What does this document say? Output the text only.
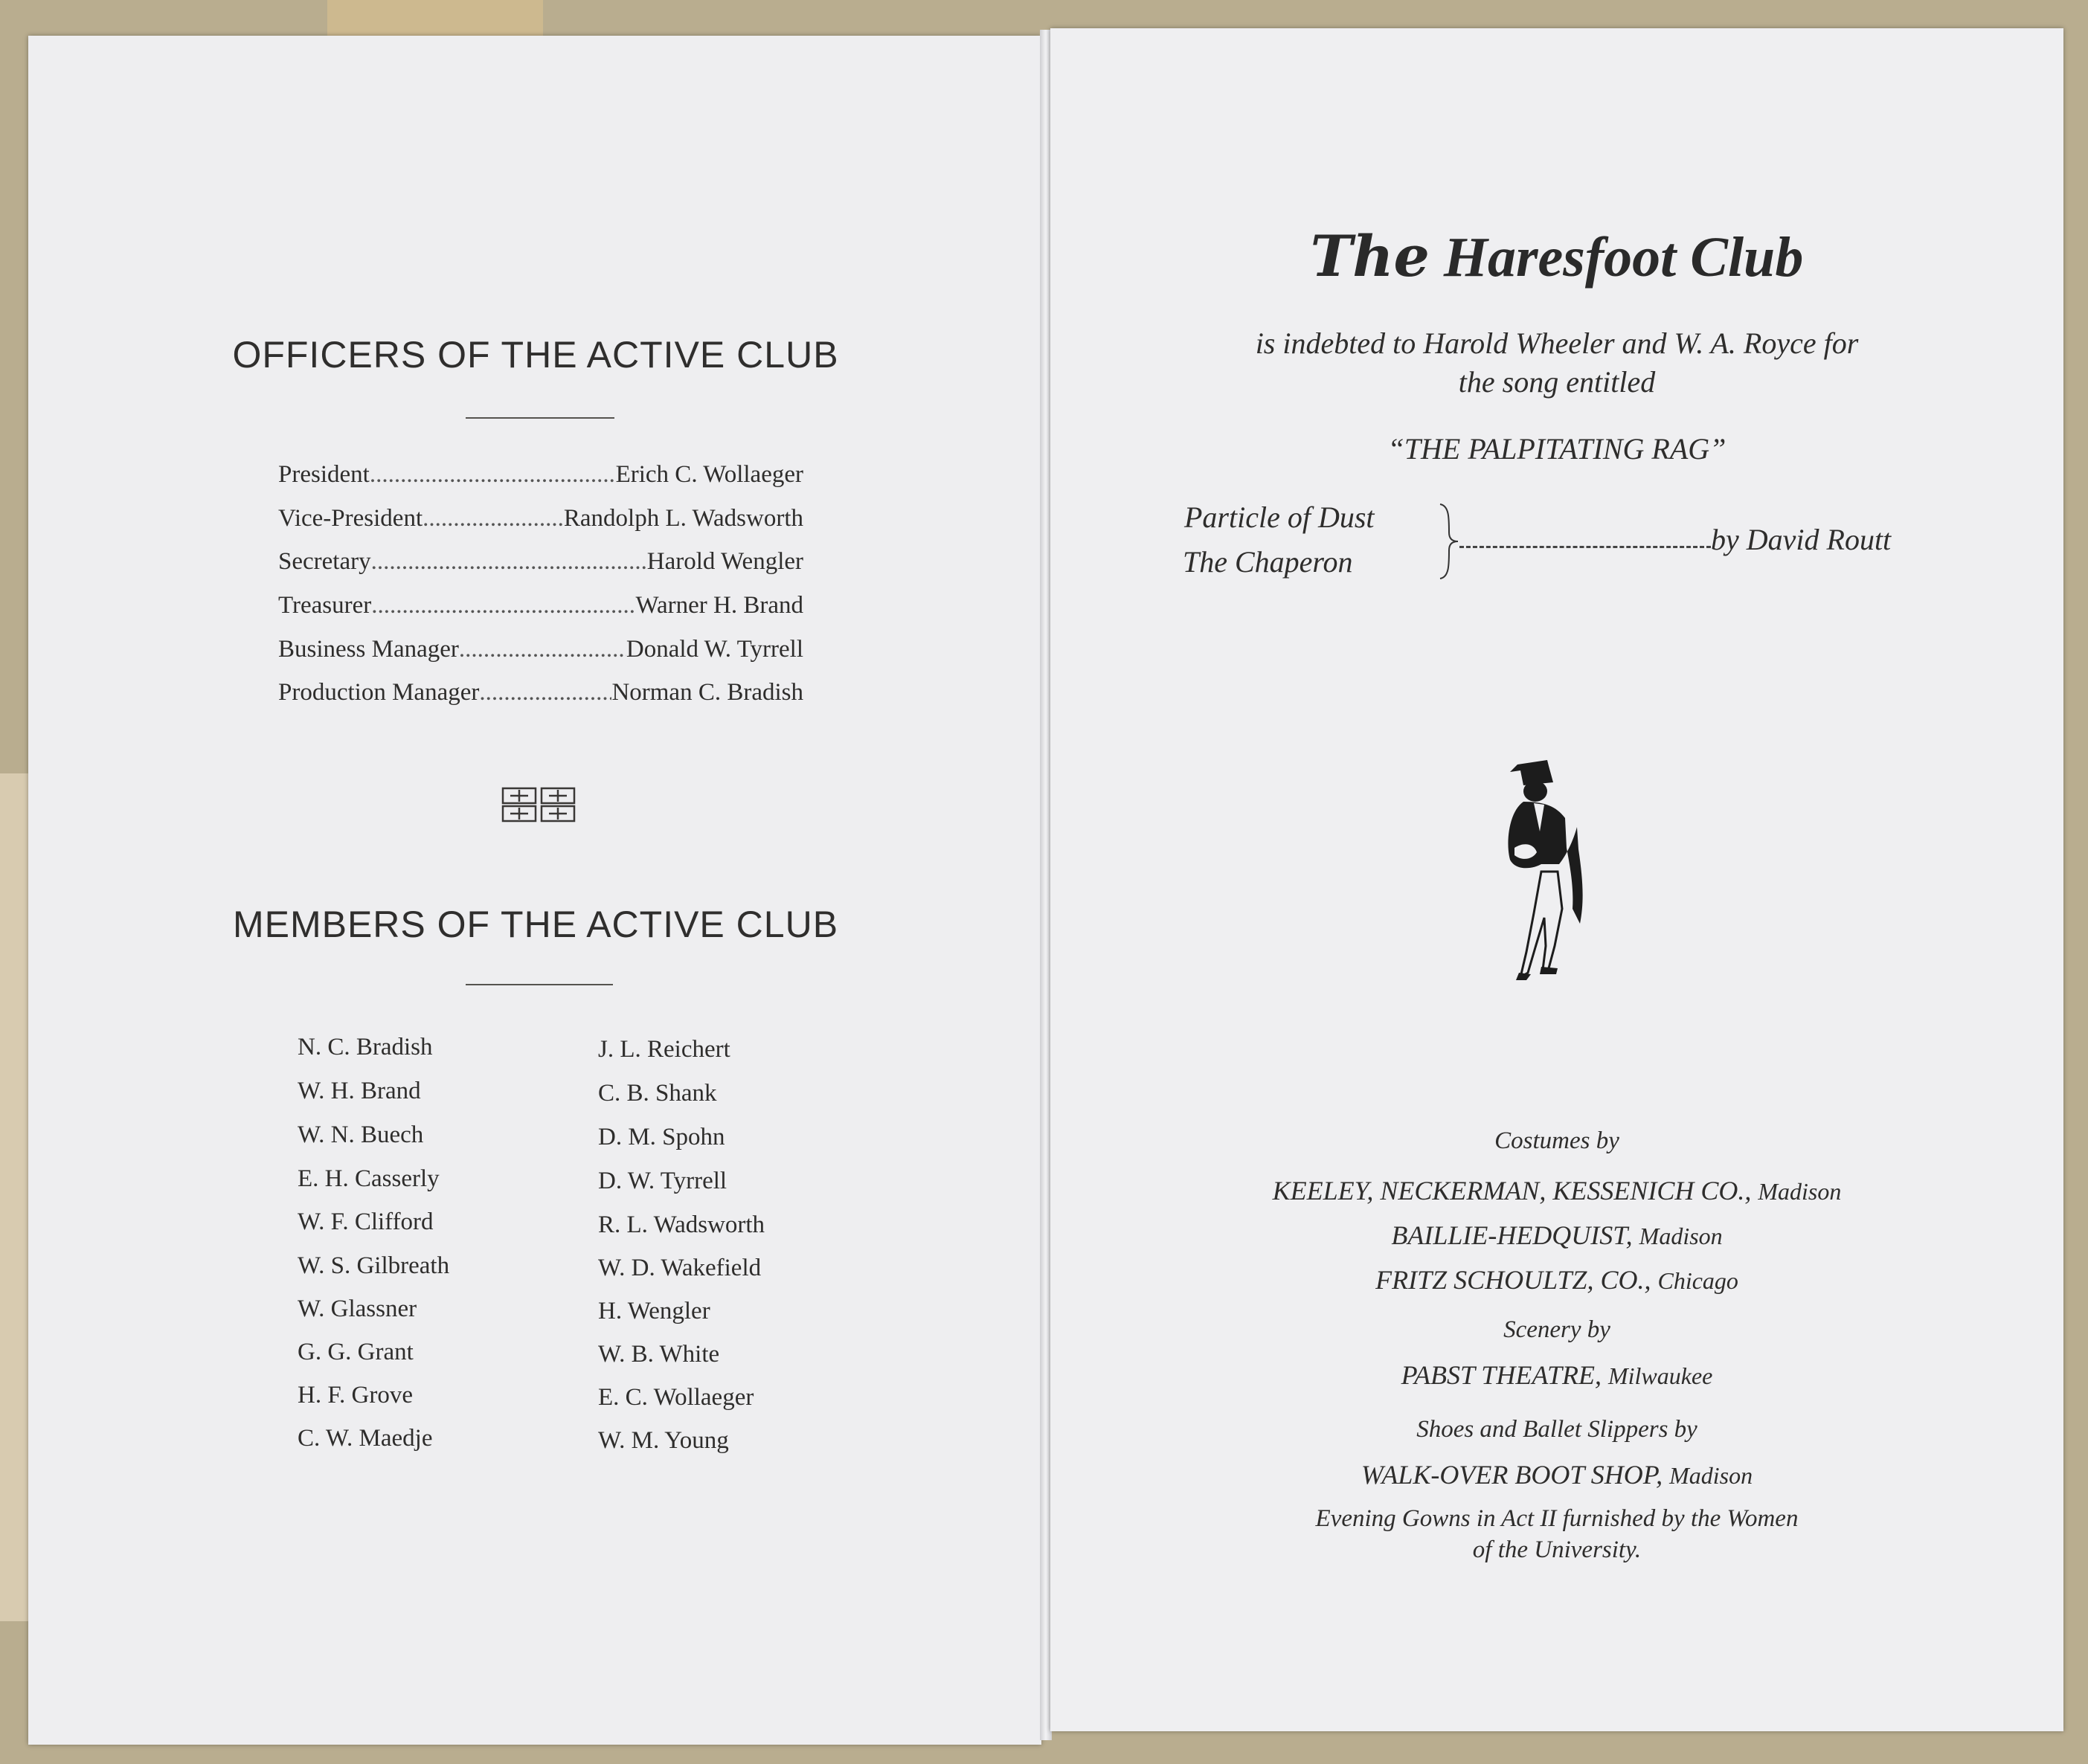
OFFICERS OF THE ACTIVE CLUB
President .....	Erich C. Wollaeger
Vice-President .....	Randolph L. Wadsworth
Secretary .....	Harold Wengler
Treasurer .....	Warner H. Brand
Business Manager .....	Donald W. Tyrrell
Production Manager .....	Norman C. Bradish
MEMBERS OF THE ACTIVE CLUB
N. C. Bradish
W. H. Brand
W. N. Buech
E. H. Casserly
W. F. Clifford
W. S. Gilbreath
W. Glassner
G. G. Grant
H. F. Grove
C. W. Maedje
J. L. Reichert
C. B. Shank
D. M. Spohn
D. W. Tyrrell
R. L. Wadsworth
W. D. Wakefield
H. Wengler
W. B. White
E. C. Wollaeger
W. M. Young
The Haresfoot Club
is indebted to Harold Wheeler and W. A. Royce for
the song entitled
“THE PALPITATING RAG”
Particle of Dust
The Chaperon
by David Routt
Costumes by
KEELEY, NECKERMAN, KESSENICH CO., Madison
BAILLIE-HEDQUIST, Madison
FRITZ SCHOULTZ, CO., Chicago
Scenery by
PABST THEATRE, Milwaukee
Shoes and Ballet Slippers by
WALK-OVER BOOT SHOP, Madison
Evening Gowns in Act II furnished by the Women
of the University.
